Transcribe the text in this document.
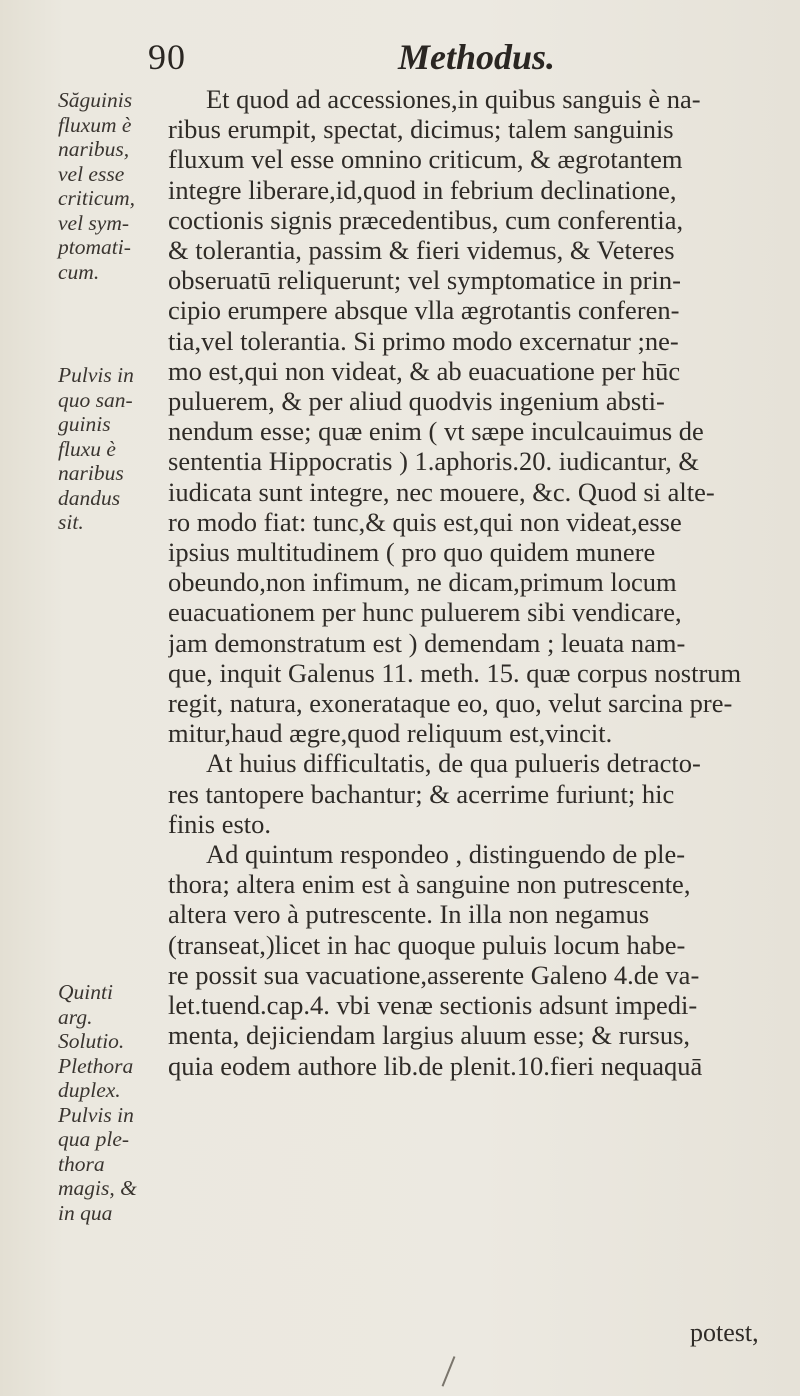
90	Methodus.
Săguinis
fluxum è
naribus,
vel esse
criticum,
vel sym-
ptomati-
cum.
Pulvis in
quo san-
guinis
fluxu è
naribus
dandus
sit.
Quinti
arg.
Solutio.
Plethora
duplex.
Pulvis in
qua ple-
thora
magis, &
in qua
Et quod ad accessiones,in quibus sanguis è na-
ribus erumpit, spectat, dicimus; talem sanguinis
fluxum vel esse omnino criticum, & ægrotantem
integre liberare,id,quod in febrium declinatione,
coctionis signis præcedentibus, cum conferentia,
& tolerantia, passim & fieri videmus, & Veteres
obseruatū reliquerunt; vel symptomatice in prin-
cipio erumpere absque vlla ægrotantis conferen-
tia,vel tolerantia. Si primo modo excernatur ;ne-
mo est,qui non videat, & ab euacuatione per hūc
puluerem, & per aliud quodvis ingenium absti-
nendum esse; quæ enim ( vt sæpe inculcauimus de
sententia Hippocratis ) 1.aphoris.20. iudicantur, &
iudicata sunt integre, nec mouere, &c. Quod si alte-
ro modo fiat: tunc,& quis est,qui non videat,esse
ipsius multitudinem ( pro quo quidem munere
obeundo,non infimum, ne dicam,primum locum
euacuationem per hunc puluerem sibi vendicare,
jam demonstratum est ) demendam ; leuata nam-
que, inquit Galenus 11. meth. 15. quæ corpus nostrum
regit, natura, exonerataque eo, quo, velut sarcina pre-
mitur,haud ægre,quod reliquum est,vincit.
At huius difficultatis, de qua pulueris detracto-
res tantopere bachantur; & acerrime furiunt; hic
finis esto.
Ad quintum respondeo , distinguendo de ple-
thora; altera enim est à sanguine non putrescente,
altera vero à putrescente. In illa non negamus
(transeat,)licet in hac quoque puluis locum habe-
re possit sua vacuatione,asserente Galeno 4.de va-
let.tuend.cap.4. vbi venæ sectionis adsunt impedi-
menta, dejiciendam largius aluum esse; & rursus,
quia eodem authore lib.de plenit.10.fieri nequaquā
potest,
